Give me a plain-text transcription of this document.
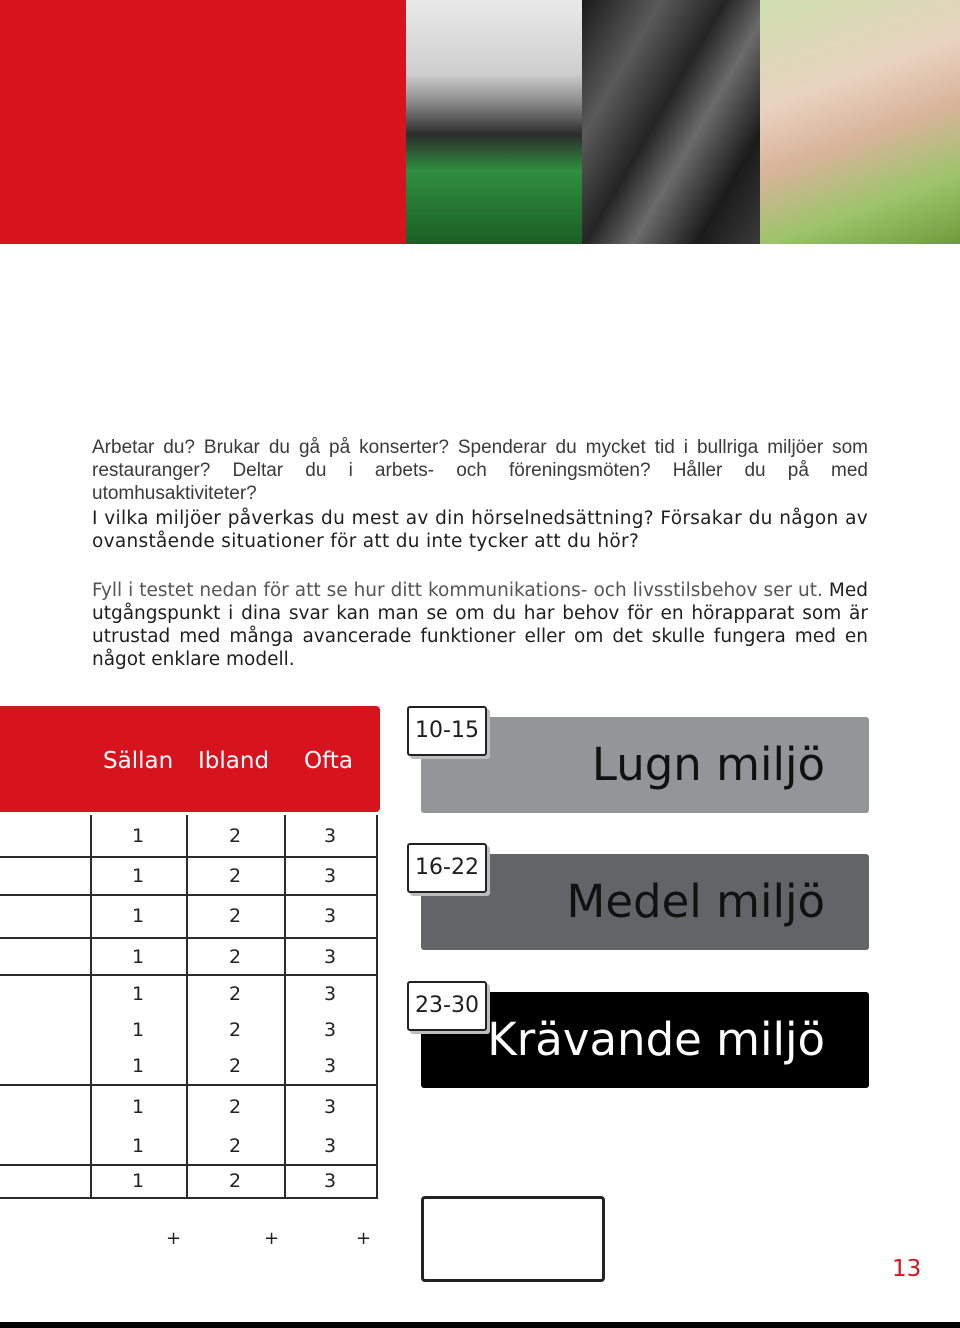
Arbetar du? Brukar du gå på konserter? Spenderar du mycket tid i bullriga miljöer som restauranger? Deltar du i arbets- och föreningsmöten? Håller du på med utomhusaktiviteter?

I vilka miljöer påverkas du mest av din hörselnedsättning? Försakar du någon av ovanstående situationer för att du inte tycker att du hör?

Fyll i testet nedan för att se hur ditt kommunikations- och livsstilsbehov ser ut. Med utgångspunkt i dina svar kan man se om du har behov för en hörapparat som är utrustad med många avancerade funktioner eller om det skulle fungera med en något enklare modell.

Sällan Ibland Ofta
1	2	3
1	2	3
1	2	3
1	2	3
1	2	3
1	2	3
1	2	3
1	2	3
1	2	3
1	2	3
+	+	+
Lugn miljö
10-15
Medel miljö
16-22
Krävande miljö
23-30
13
